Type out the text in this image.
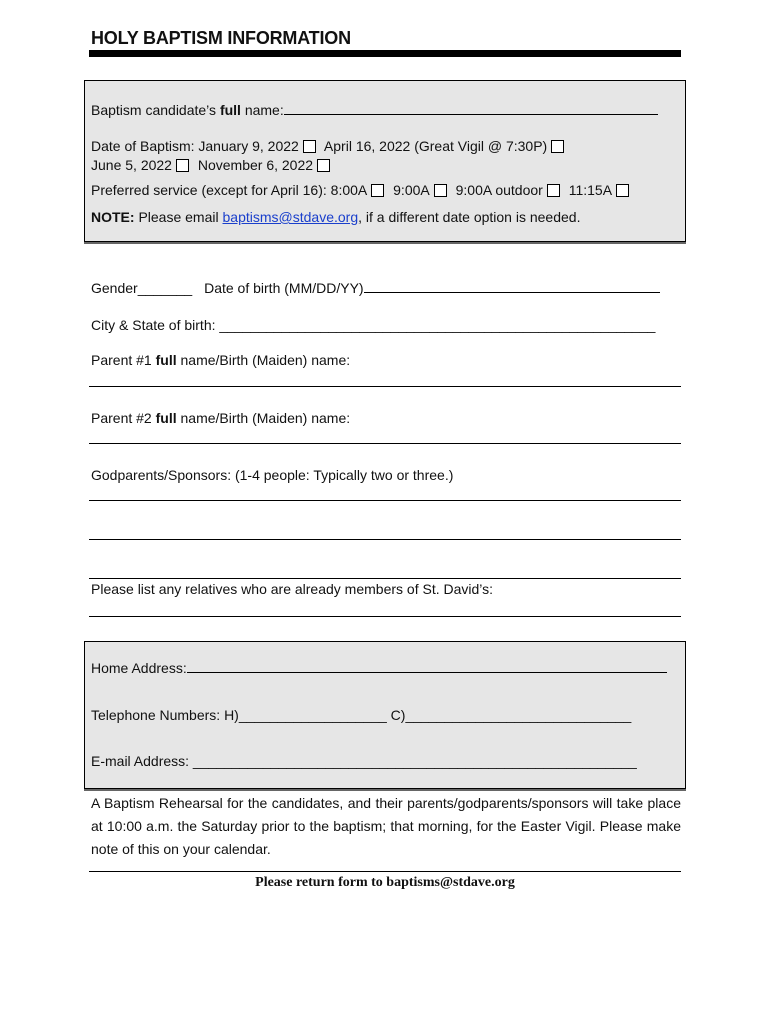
HOLY BAPTISM INFORMATION
Baptism candidate’s full name:
Date of Baptism: January 9, 2022 April 16, 2022 (Great Vigil @ 7:30P)
June 5, 2022 November 6, 2022
Preferred service (except for April 16): 8:00A 9:00A 9:00A outdoor 11:15A
NOTE: Please email baptisms@stdave.org, if a different date option is needed.
Gender_______ Date of birth (MM/DD/YY)
City & State of birth: ________________________________________________________
Parent #1 full name/Birth (Maiden) name:
Parent #2 full name/Birth (Maiden) name:
Godparents/Sponsors: (1-4 people: Typically two or three.)
Please list any relatives who are already members of St. David’s:
Home Address:
Telephone Numbers: H)___________________ C)_____________________________
E-mail Address: _________________________________________________________
A Baptism Rehearsal for the candidates, and their parents/godparents/sponsors will take place at 10:00 a.m. the Saturday prior to the baptism; that morning, for the Easter Vigil. Please make note of this on your calendar.
Please return form to baptisms@stdave.org
